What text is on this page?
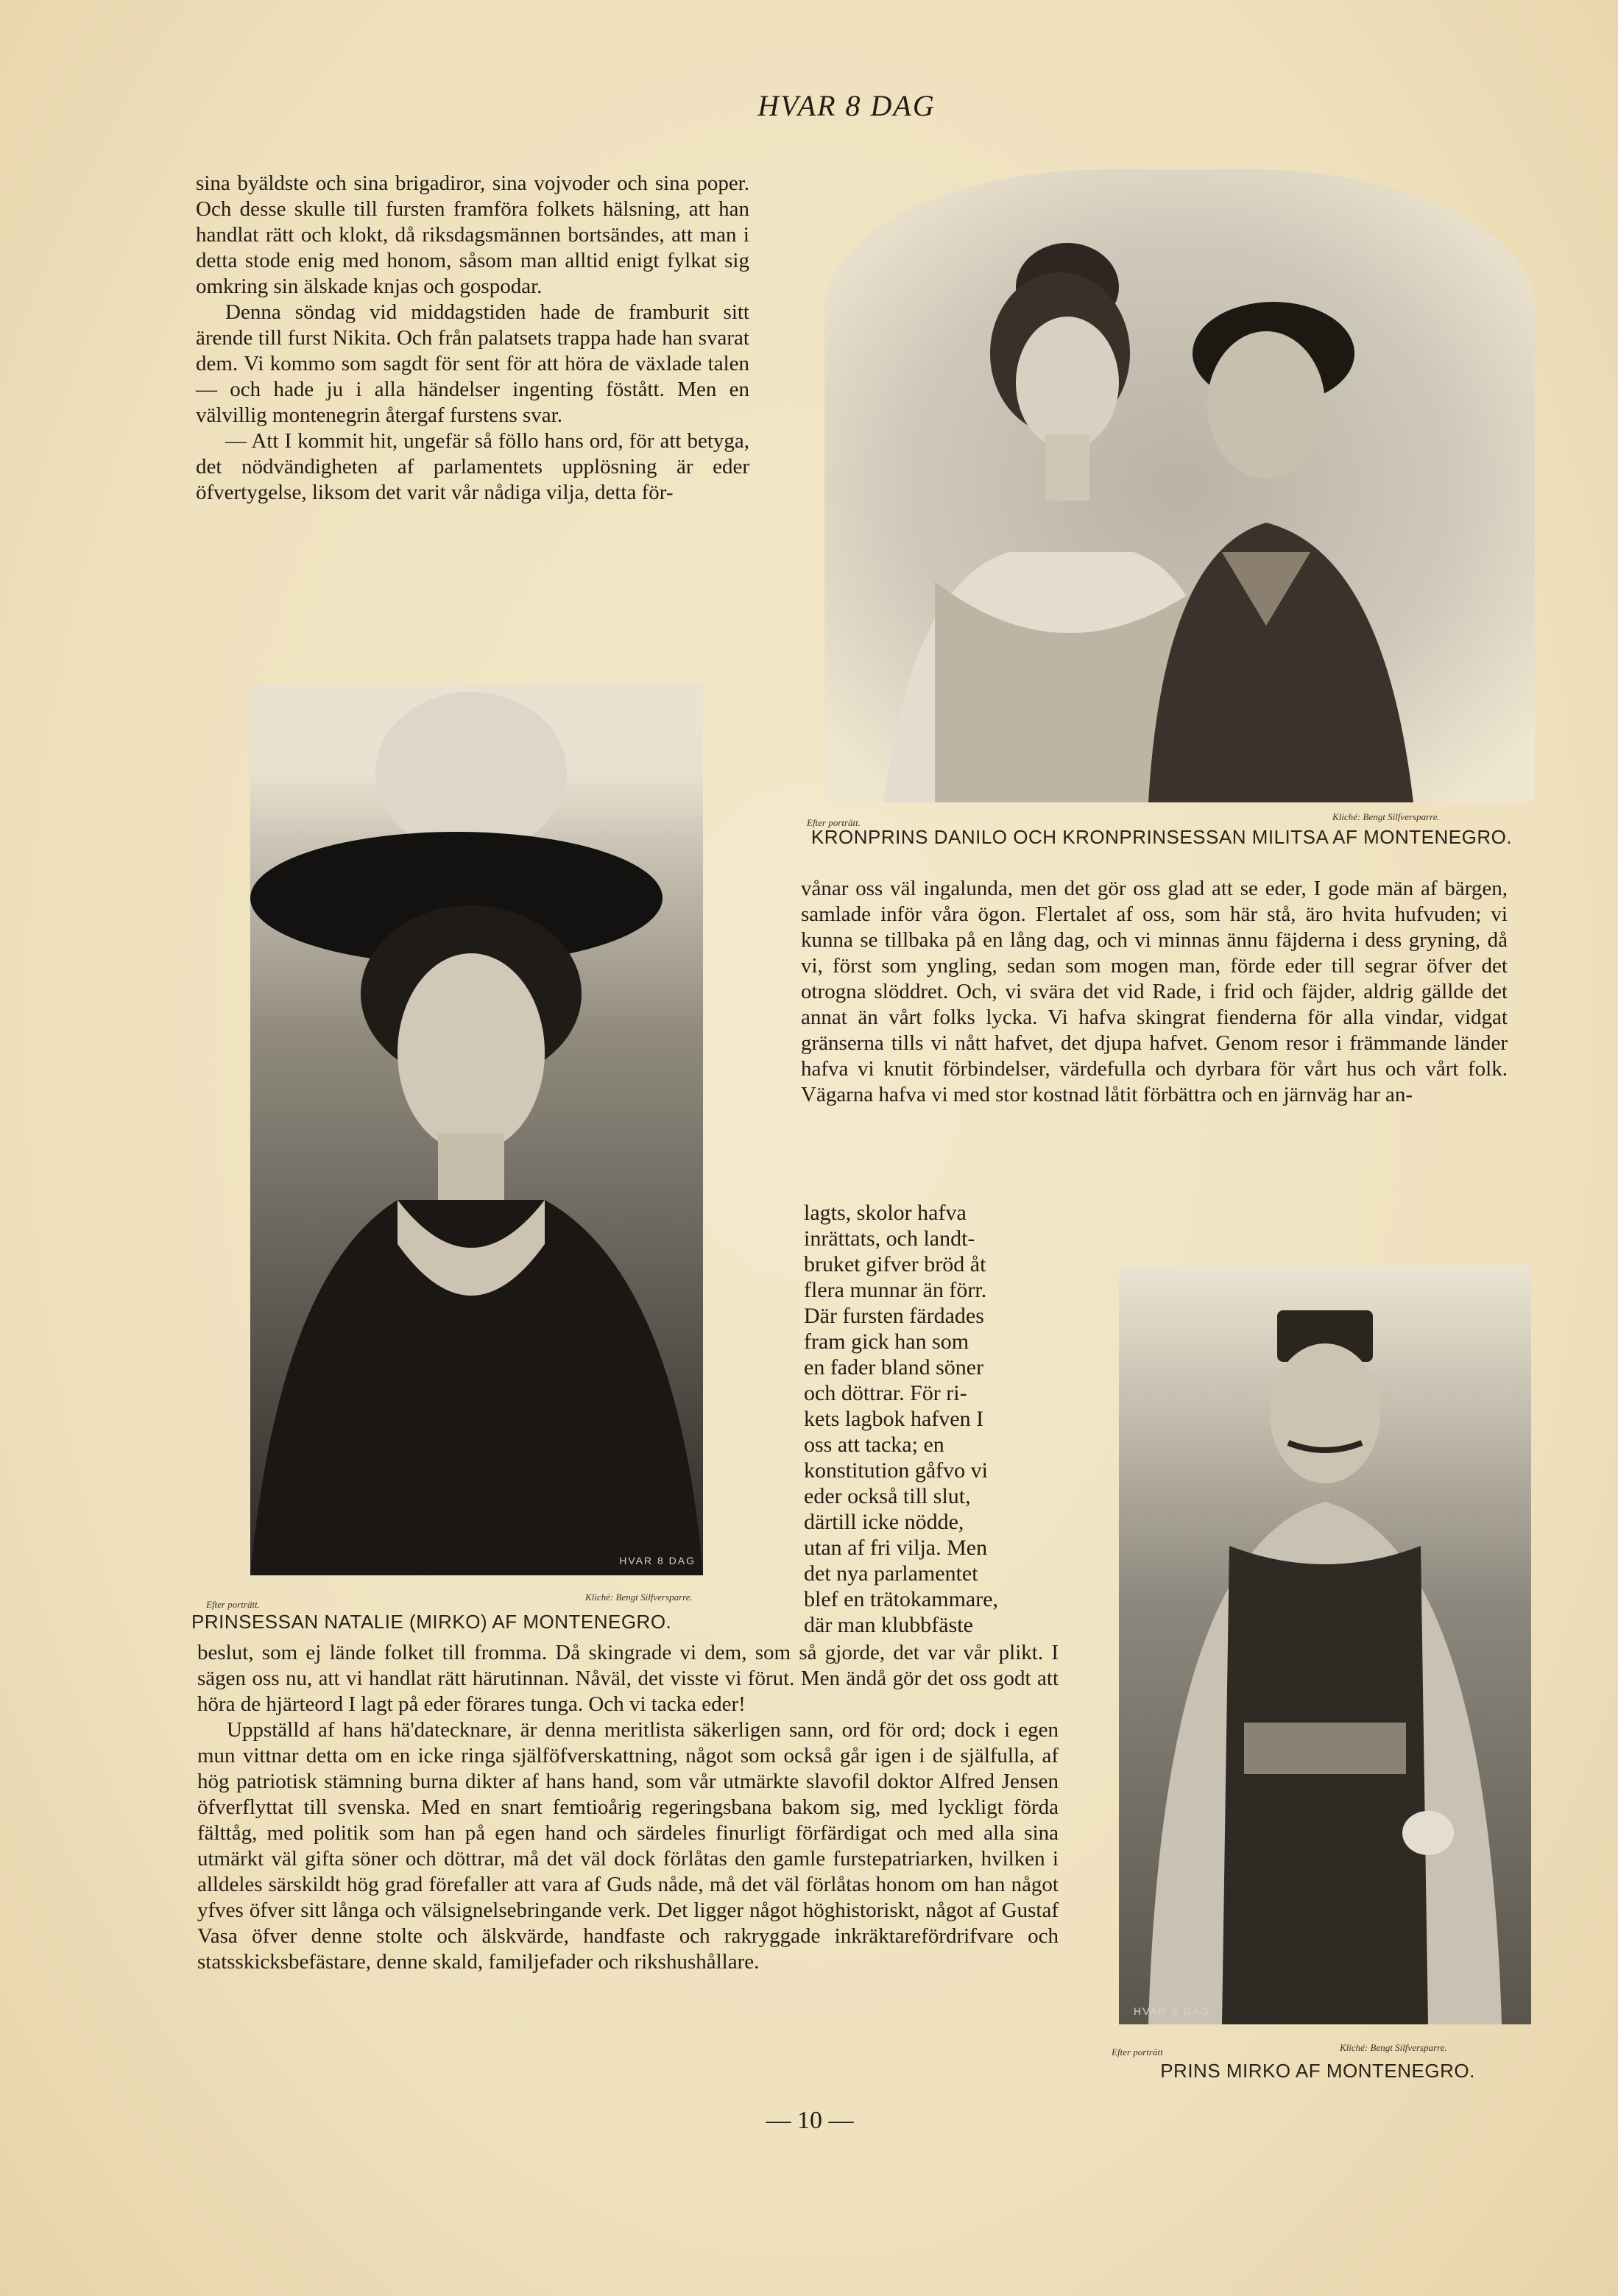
HVAR 8 DAG

sina byäldste och sina brigadiror, sina vojvoder och sina poper. Och desse skulle till fursten framföra folkets hälsning, att han handlat rätt och klokt, då riksdagsmännen bortsändes, att man i detta stode enig med honom, såsom man alltid enigt fylkat sig omkring sin älskade knjas och gospodar.

Denna söndag vid middagstiden hade de framburit sitt ärende till furst Nikita. Och från palatsets trappa hade han svarat dem. Vi kommo som sagdt för sent för att höra de växlade talen — och hade ju i alla händelser ingenting föstått. Men en välvillig montenegrin återgaf furstens svar.

— Att I kommit hit, ungefär så föllo hans ord, för att betyga, det nödvändigheten af parlamentets upplösning är eder öfvertygelse, liksom det varit vår nådiga vilja, detta för-

Efter porträtt.
Kliché: Bengt Silfversparre.
KRONPRINS DANILO OCH KRONPRINSESSAN MILITSA AF MONTENEGRO.
vånar oss väl ingalunda, men det gör oss glad att se eder, I gode män af bärgen, samlade inför våra ögon. Flertalet af oss, som här stå, äro hvita hufvuden; vi kunna se tillbaka på en lång dag, och vi minnas ännu fäjderna i dess gryning, då vi, först som yngling, sedan som mogen man, förde eder till segrar öfver det otrogna slöddret. Och, vi svära det vid Rade, i frid och fäjder, aldrig gällde det annat än vårt folks lycka. Vi hafva skingrat fienderna för alla vindar, vidgat gränserna tills vi nått hafvet, det djupa hafvet. Genom resor i främmande länder hafva vi knutit förbindelser, värdefulla och dyrbara för vårt hus och vårt folk. Vägarna hafva vi med stor kostnad låtit förbättra och en järnväg har an-
lagts, skolor hafva
inrättats, och landt-
bruket gifver bröd åt
flera munnar än förr.
Där fursten färdades
fram gick han som
en fader bland söner
och döttrar. För ri-
kets lagbok hafven I
oss att tacka; en
konstitution gåfvo vi
eder också till slut,
därtill icke nödde,
utan af fri vilja. Men
det nya parlamentet
blef en trätokammare,
där man klubbfäste
HVAR 8 DAG
Efter porträtt.
Kliché: Bengt Silfversparre.
PRINSESSAN NATALIE (MIRKO) AF MONTENEGRO.
HVAR 8 DAG
Efter porträtt	Kliché: Bengt Silfversparre.
PRINS MIRKO AF MONTENEGRO.

beslut, som ej lände folket till fromma. Då skingrade vi dem, som så gjorde, det var vår plikt. I sägen oss nu, att vi handlat rätt härutinnan. Nåväl, det visste vi förut. Men ändå gör det oss godt att höra de hjärteord I lagt på eder förares tunga. Och vi tacka eder!

Uppställd af hans hä'datecknare, är denna meritlista säkerligen sann, ord för ord; dock i egen mun vittnar detta om en icke ringa själföfverskattning, något som också går igen i de själfulla, af hög patriotisk stämning burna dikter af hans hand, som vår utmärkte slavofil doktor Alfred Jensen öfverflyttat till svenska. Med en snart femtioårig regeringsbana bakom sig, med lyckligt förda fälttåg, med politik som han på egen hand och särdeles finurligt förfärdigat och med alla sina utmärkt väl gifta söner och döttrar, må det väl dock förlåtas den gamle furstepatriarken, hvilken i alldeles särskildt hög grad förefaller att vara af Guds nåde, må det väl förlåtas honom om han något yfves öfver sitt långa och välsignelsebringande verk. Det ligger något höghistoriskt, något af Gustaf Vasa öfver denne stolte och älskvärde, handfaste och rakryggade inkräktarefördrifvare och statsskicksbefästare, denne skald, familjefader och rikshushållare.

— 10 —
